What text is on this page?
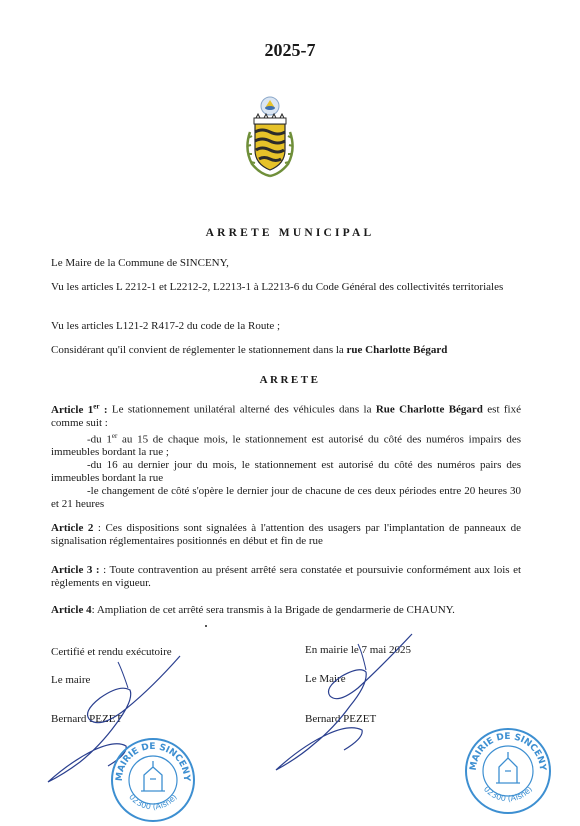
2025-7
ARRETE MUNICIPAL
Le Maire de la Commune de SINCENY,
Vu les articles L 2212-1 et L2212-2, L2213-1 à L2213-6 du Code Général des collectivités territoriales
Vu les articles L121-2 R417-2 du code de la Route ;
Considérant qu'il convient de réglementer le stationnement dans la rue Charlotte Bégard
ARRETE
Article 1er : Le stationnement unilatéral alterné des véhicules dans la Rue Charlotte Bégard est fixé comme suit :
-du 1er au 15 de chaque mois, le stationnement est autorisé du côté des numéros impairs des immeubles bordant la rue ;
-du 16 au dernier jour du mois, le stationnement est autorisé du côté des numéros pairs des immeubles bordant la rue
-le changement de côté s'opère le dernier jour de chacune de ces deux périodes entre 20 heures 30 et 21 heures
Article 2 : Ces dispositions sont signalées à l'attention des usagers par l'implantation de panneaux de signalisation réglementaires positionnés en début et fin de rue
Article 3 : : Toute contravention au présent arrêté sera constatée et poursuivie conformément aux lois et règlements en vigueur.
Article 4: Ampliation de cet arrêté sera transmis à la Brigade de gendarmerie de CHAUNY.
Certifié et rendu exécutoire
Le maire
Bernard PEZET
En mairie le 7 mai 2025
Le Maire
Bernard PEZET
MAIRIE DE SINCENY
02300 (Aisne)
MAIRIE DE SINCENY
02300 (Aisne)
